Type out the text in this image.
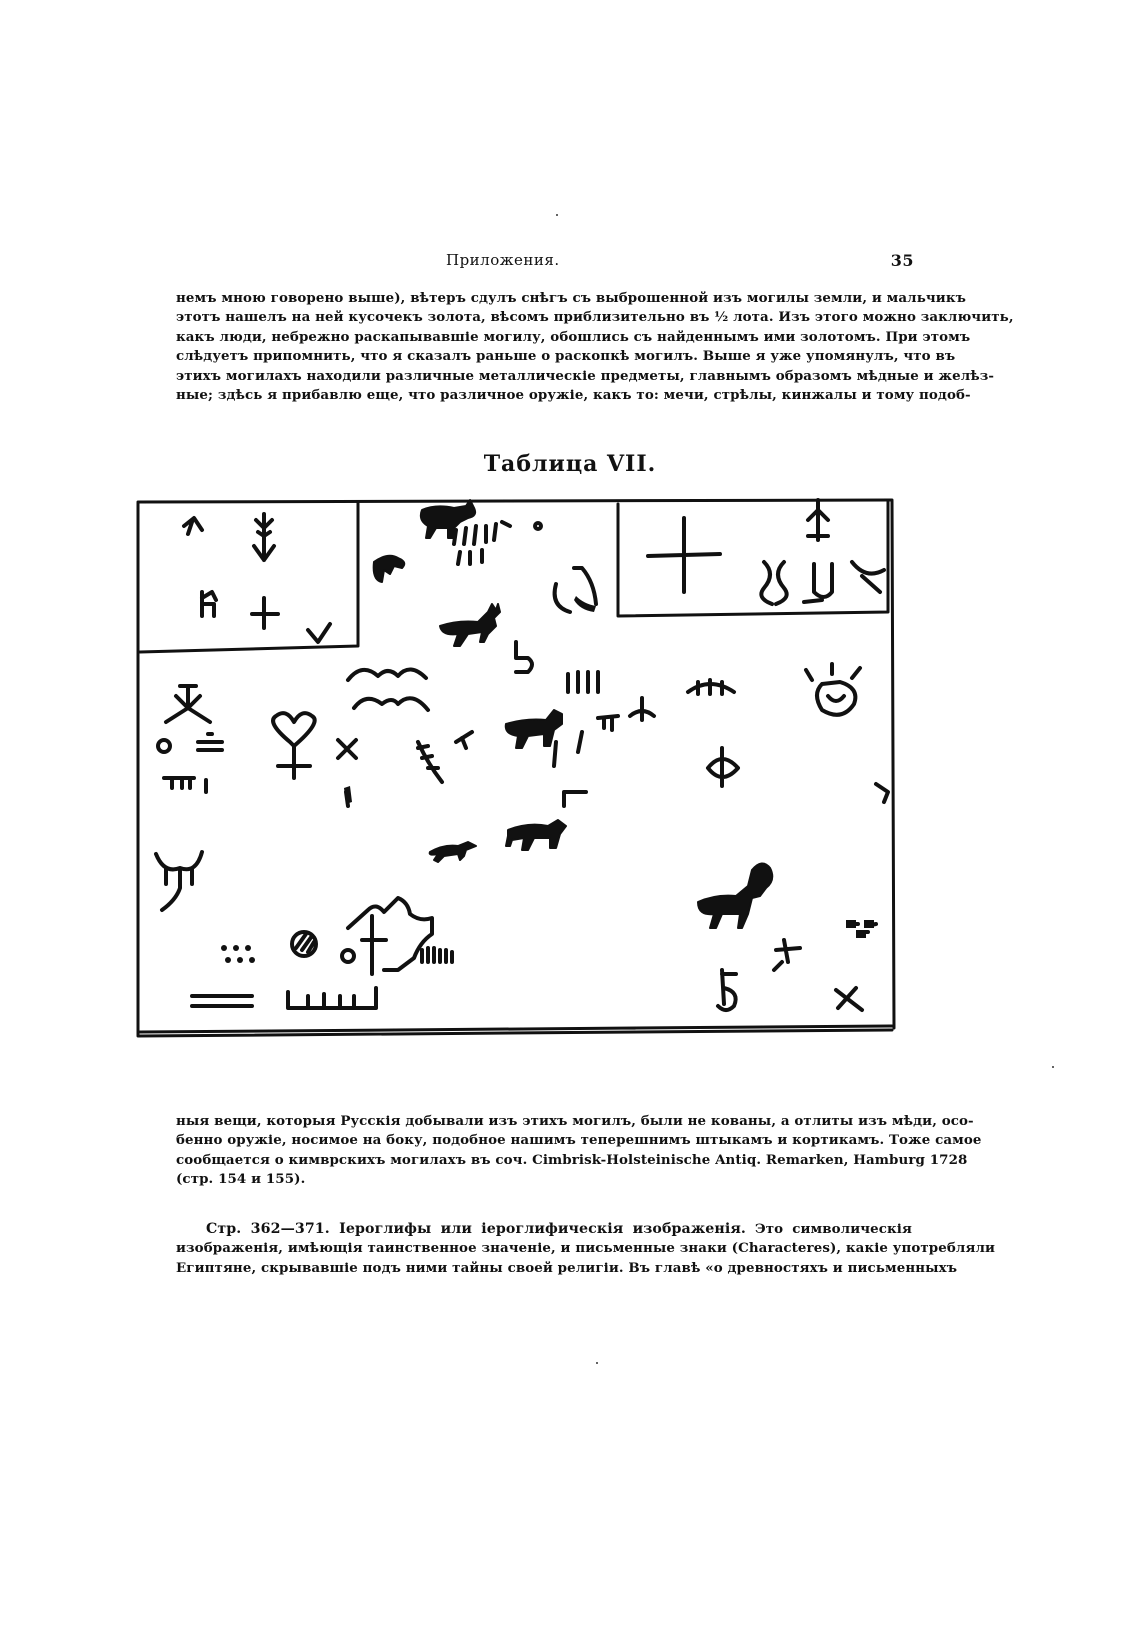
Приложения.	35
немъ мною говорено выше), вѣтеръ сдулъ снѣгъ съ выброшенной изъ могилы земли, и мальчикъ
этотъ нашелъ на ней кусочекъ золота, вѣсомъ приблизительно въ ½ лота. Изъ этого можно заключить,
какъ люди, небрежно раскапывавшіе могилу, обошлись съ найденнымъ ими золотомъ. При этомъ
слѣдуетъ припомнить, что я сказалъ раньше о раскопкѣ могилъ. Выше я уже упомянулъ, что въ
этихъ могилахъ находили различные металлическіе предметы, главнымъ образомъ мѣдные и желѣз-
ные; здѣсь я прибавлю еще, что различное оружіе, какъ то: мечи, стрѣлы, кинжалы и тому подоб-
Таблица VII.
ныя вещи, которыя Русскія добывали изъ этихъ могилъ, были не кованы, а отлиты изъ мѣди, осо-
бенно оружіе, носимое на боку, подобное нашимъ теперешнимъ штыкамъ и кортикамъ. Тоже самое
сообщается о кимврскихъ могилахъ въ соч. Cimbrisk-Holsteinische Antiq. Remarken, Hamburg 1728
(стр. 154 и 155).
Стр. 362—371. Іероглифы или іероглифическія изображенія. Это символическія
изображенія, имѣющія таинственное значеніе, и письменные знаки (Characteres), какіе употребляли
Египтяне, скрывавшіе подъ ними тайны своей религіи. Въ главѣ «о древностяхъ и письменныхъ
